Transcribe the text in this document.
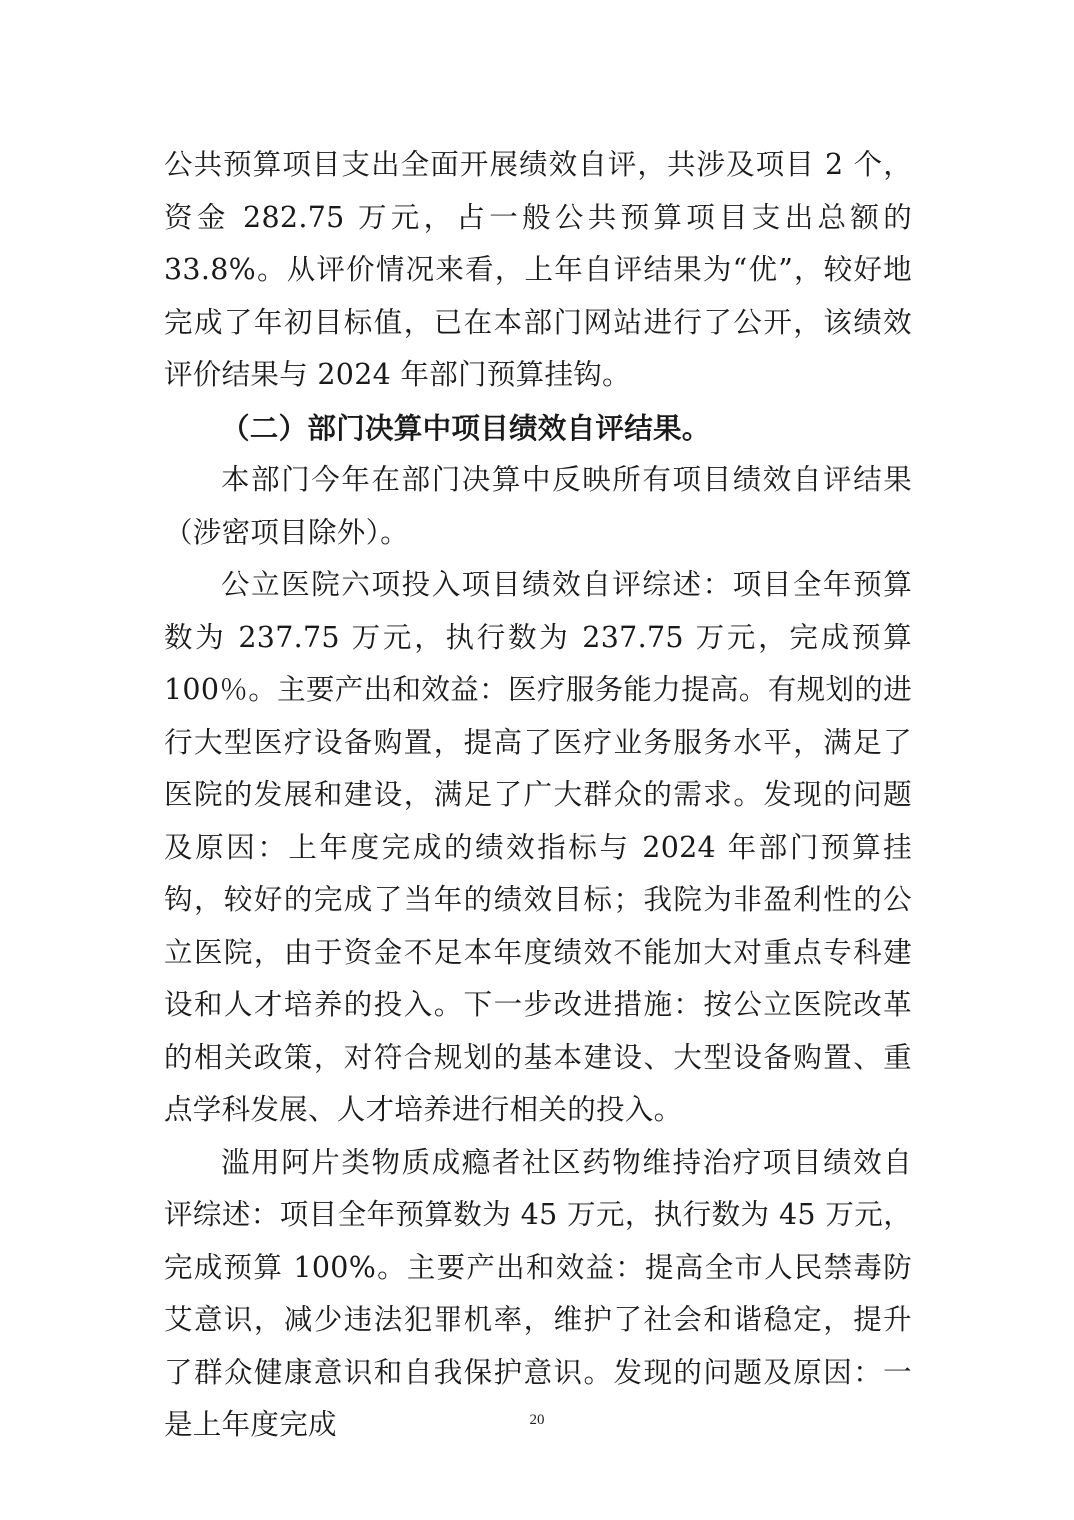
公共预算项目支出全面开展绩效自评，共涉及项目 2 个，资金 282.75 万元，占一般公共预算项目支出总额的 33.8%。从评价情况来看，上年自评结果为“优”，较好地完成了年初目标值，已在本部门网站进行了公开，该绩效评价结果与 2024 年部门预算挂钩。

（二）部门决算中项目绩效自评结果。

本部门今年在部门决算中反映所有项目绩效自评结果（涉密项目除外）。

公立医院六项投入项目绩效自评综述：项目全年预算数为 237.75 万元，执行数为 237.75 万元，完成预算 100％。主要产出和效益：医疗服务能力提高。有规划的进行大型医疗设备购置，提高了医疗业务服务水平，满足了医院的发展和建设，满足了广大群众的需求。发现的问题及原因：上年度完成的绩效指标与 2024 年部门预算挂钩，较好的完成了当年的绩效目标；我院为非盈利性的公立医院，由于资金不足本年度绩效不能加大对重点专科建设和人才培养的投入。下一步改进措施：按公立医院改革的相关政策，对符合规划的基本建设、大型设备购置、重点学科发展、人才培养进行相关的投入。

滥用阿片类物质成瘾者社区药物维持治疗项目绩效自评综述：项目全年预算数为 45 万元，执行数为 45 万元，完成预算 100%。主要产出和效益：提高全市人民禁毒防艾意识，减少违法犯罪机率，维护了社会和谐稳定，提升了群众健康意识和自我保护意识。发现的问题及原因：一是上年度完成	20
